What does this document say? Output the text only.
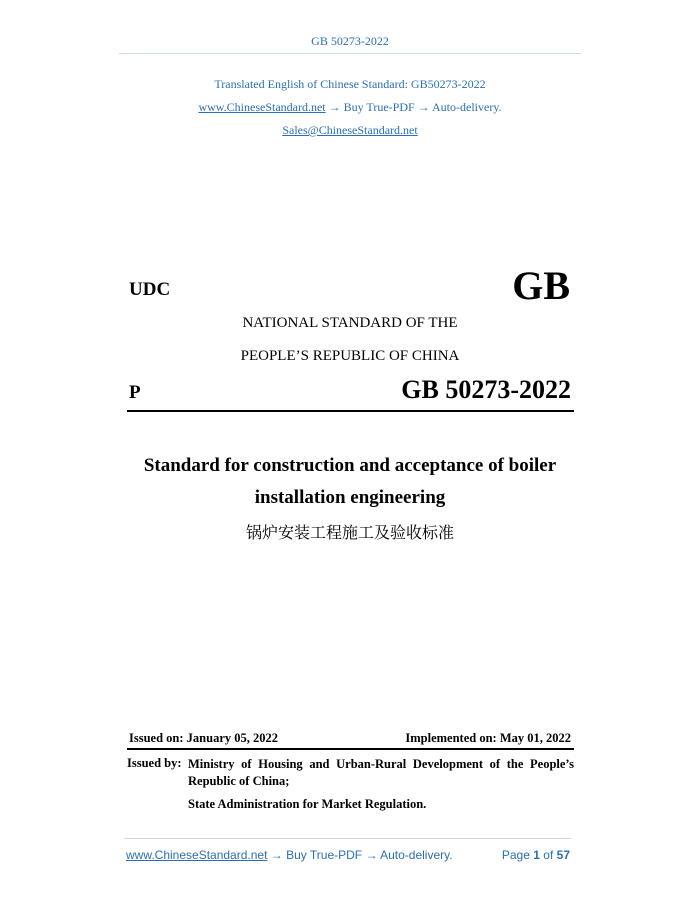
GB 50273-2022
Translated English of Chinese Standard: GB50273-2022
www.ChineseStandard.net → Buy True-PDF → Auto-delivery.
Sales@ChineseStandard.net
UDC	GB
NATIONAL STANDARD OF THE
PEOPLE’S REPUBLIC OF CHINA
P	GB 50273-2022
Standard for construction and acceptance of boiler
installation engineering
锅炉安装工程施工及验收标准
Issued on: January 05, 2022	Implemented on: May 01, 2022
Issued by: Ministry of Housing and Urban-Rural Development of the People’s Republic of China;
State Administration for Market Regulation.
www.ChineseStandard.net → Buy True-PDF → Auto-delivery.	Page 1 of 57
